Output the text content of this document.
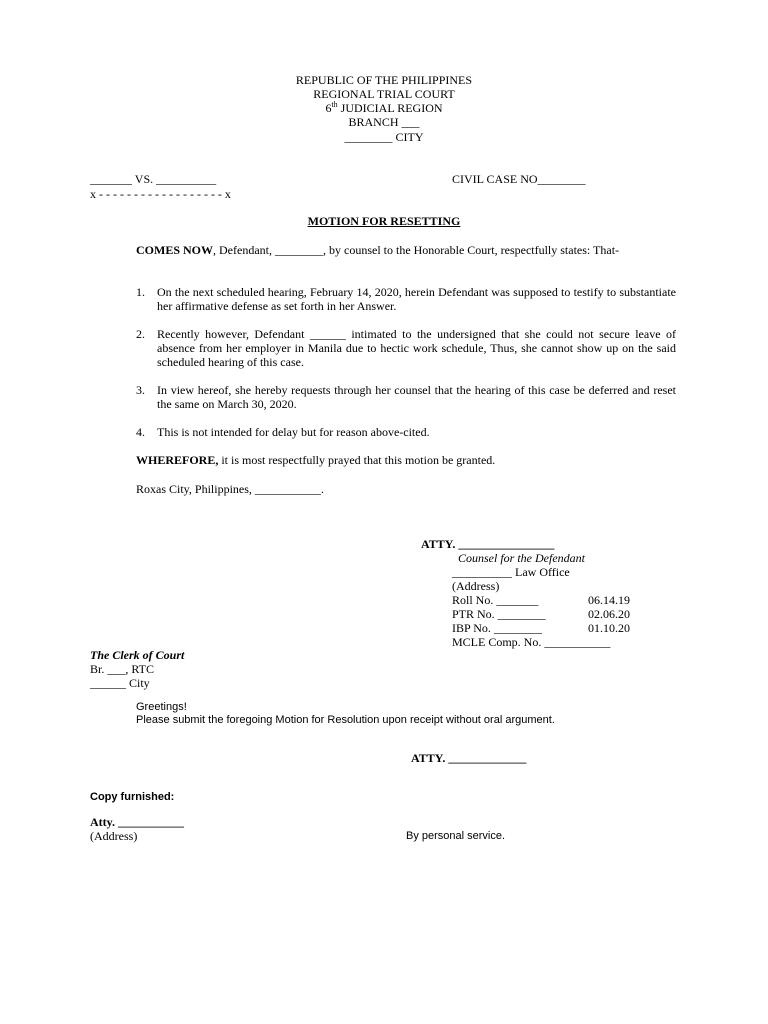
REPUBLIC OF THE PHILIPPINES
REGIONAL TRIAL COURT
6th JUDICIAL REGION
BRANCH ___
________ CITY
_______ VS. __________	CIVIL CASE NO________
x - - - - - - - - - - - - - - - - - - x
MOTION FOR RESETTING
COMES NOW, Defendant, ________, by counsel to the Honorable Court, respectfully states: That-
1. On the next scheduled hearing, February 14, 2020, herein Defendant was supposed to testify to substantiate her affirmative defense as set forth in her Answer.
2. Recently however, Defendant ______ intimated to the undersigned that she could not secure leave of absence from her employer in Manila due to hectic work schedule, Thus, she cannot show up on the said scheduled hearing of this case.
3. In view hereof, she hereby requests through her counsel that the hearing of this case be deferred and reset the same on March 30, 2020.
4. This is not intended for delay but for reason above-cited.
WHEREFORE, it is most respectfully prayed that this motion be granted.
Roxas City, Philippines, ___________.
ATTY. ________________
Counsel for the Defendant
__________ Law Office
(Address)
Roll No. _______	06.14.19
PTR No. ________	02.06.20
IBP No. ________	01.10.20
MCLE Comp. No. ___________
The Clerk of Court
Br. ___, RTC
______ City
Greetings!
Please submit the foregoing Motion for Resolution upon receipt without oral argument.
ATTY. _____________
Copy furnished:
Atty. ___________
(Address)	By personal service.
